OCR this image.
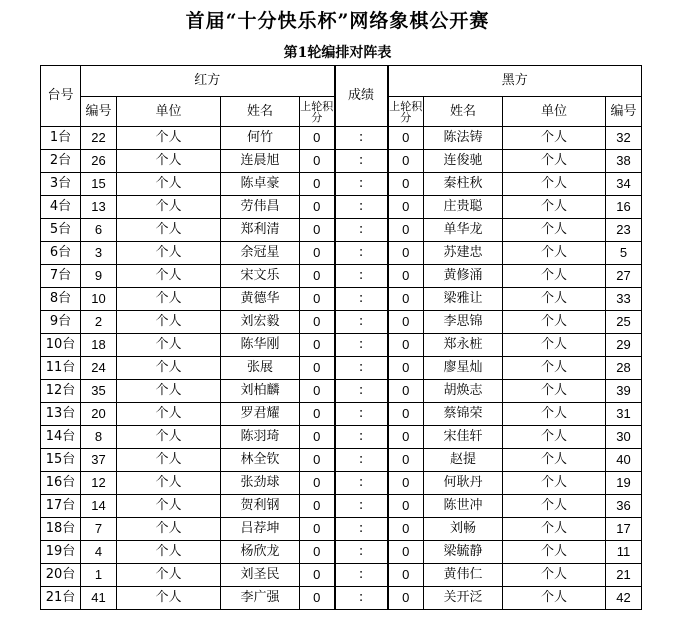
首届“十分快乐杯”网络象棋公开赛
第1轮编排对阵表
台号	红方				成绩	黑方			
	编号	单位	姓名	上轮积分		上轮积分	姓名	单位	编号
1台	22	个人	何竹	0	:	0	陈法铸	个人	32
2台	26	个人	连晨旭	0	:	0	连俊驰	个人	38
3台	15	个人	陈卓豪	0	:	0	秦柱秋	个人	34
4台	13	个人	劳伟昌	0	:	0	庄贵聪	个人	16
5台	6	个人	郑利清	0	:	0	单华龙	个人	23
6台	3	个人	余冠星	0	:	0	苏建忠	个人	5
7台	9	个人	宋文乐	0	:	0	黄修涌	个人	27
8台	10	个人	黄德华	0	:	0	梁雅让	个人	33
9台	2	个人	刘宏毅	0	:	0	李思锦	个人	25
10台	18	个人	陈华刚	0	:	0	郑永桩	个人	29
11台	24	个人	张展	0	:	0	廖星灿	个人	28
12台	35	个人	刘柏麟	0	:	0	胡焕志	个人	39
13台	20	个人	罗君耀	0	:	0	蔡锦荣	个人	31
14台	8	个人	陈羽琦	0	:	0	宋佳轩	个人	30
15台	37	个人	林全钦	0	:	0	赵提	个人	40
16台	12	个人	张劲球	0	:	0	何耿丹	个人	19
17台	14	个人	贺利钢	0	:	0	陈世冲	个人	36
18台	7	个人	吕荐坤	0	:	0	刘畅	个人	17
19台	4	个人	杨欣龙	0	:	0	梁毓静	个人	11
20台	1	个人	刘圣民	0	:	0	黄伟仁	个人	21
21台	41	个人	李广强	0	:	0	关开泛	个人	42
